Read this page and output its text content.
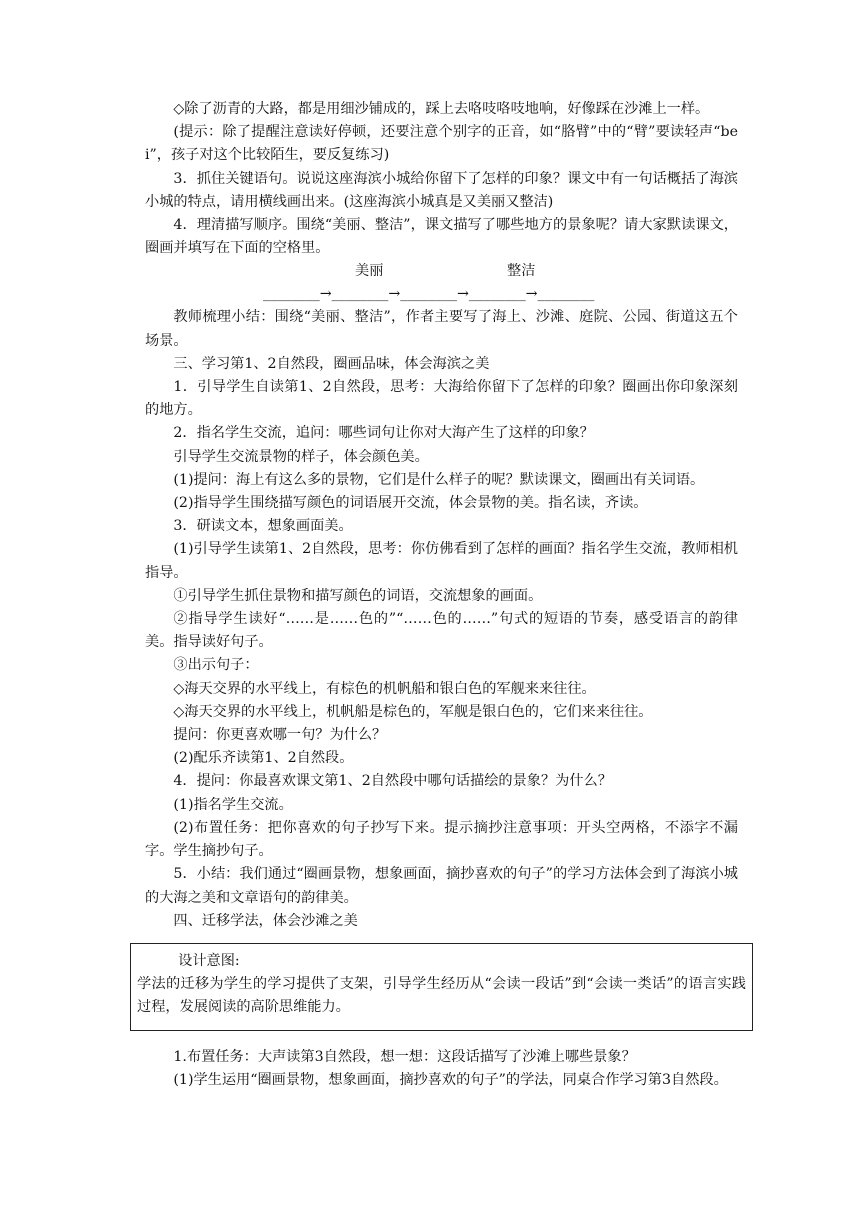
◇除了沥青的大路，都是用细沙铺成的，踩上去咯吱咯吱地响，好像踩在沙滩上一样。

(提示：除了提醒注意读好停顿，还要注意个别字的正音，如“胳臂”中的“臂”要读轻声“bei”，孩子对这个比较陌生，要反复练习)

3．抓住关键语句。说说这座海滨小城给你留下了怎样的印象？课文中有一句话概括了海滨小城的特点，请用横线画出来。(这座海滨小城真是又美丽又整洁)

4．理清描写顺序。围绕“美丽、整洁”，课文描写了哪些地方的景象呢？请大家默读课文，圈画并填写在下面的空格里。

美丽	整洁
________→________→________→________→________

教师梳理小结：围绕“美丽、整洁”，作者主要写了海上、沙滩、庭院、公园、街道这五个场景。

三、学习第1、2自然段，圈画品味，体会海滨之美

1．引导学生自读第1、2自然段，思考：大海给你留下了怎样的印象？圈画出你印象深刻的地方。

2．指名学生交流，追问：哪些词句让你对大海产生了这样的印象？

引导学生交流景物的样子，体会颜色美。

(1)提问：海上有这么多的景物，它们是什么样子的呢？默读课文，圈画出有关词语。

(2)指导学生围绕描写颜色的词语展开交流，体会景物的美。指名读，齐读。

3．研读文本，想象画面美。

(1)引导学生读第1、2自然段，思考：你仿佛看到了怎样的画面？指名学生交流，教师相机指导。

①引导学生抓住景物和描写颜色的词语，交流想象的画面。

②指导学生读好“……是……色的”“……色的……”句式的短语的节奏，感受语言的韵律美。指导读好句子。

③出示句子：

◇海天交界的水平线上，有棕色的机帆船和银白色的军舰来来往往。

◇海天交界的水平线上，机帆船是棕色的，军舰是银白色的，它们来来往往。

提问：你更喜欢哪一句？为什么？

(2)配乐齐读第1、2自然段。

4．提问：你最喜欢课文第1、2自然段中哪句话描绘的景象？为什么？

(1)指名学生交流。

(2)布置任务：把你喜欢的句子抄写下来。提示摘抄注意事项：开头空两格，不添字不漏字。学生摘抄句子。

5．小结：我们通过“圈画景物，想象画面，摘抄喜欢的句子”的学习方法体会到了海滨小城的大海之美和文章语句的韵律美。

四、迁移学法，体会沙滩之美

设计意图:

学法的迁移为学生的学习提供了支架，引导学生经历从“会读一段话”到“会读一类话”的语言实践过程，发展阅读的高阶思维能力。

1.布置任务：大声读第3自然段，想一想：这段话描写了沙滩上哪些景象？

(1)学生运用“圈画景物，想象画面，摘抄喜欢的句子”的学法，同桌合作学习第3自然段。
